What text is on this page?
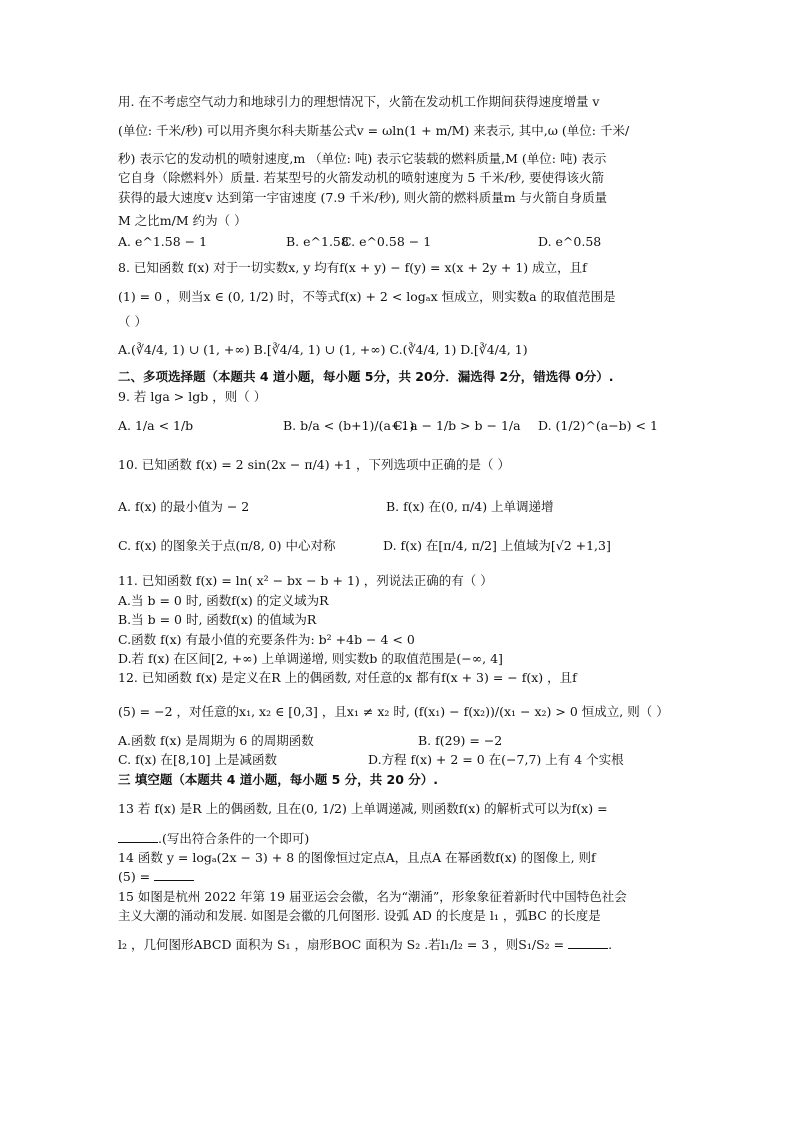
用. 在不考虑空气动力和地球引力的理想情况下，火箭在发动机工作期间获得速度增量 v
(单位: 千米/秒) 可以用齐奥尔科夫斯基公式v = ωln(1 + m/M) 来表示, 其中,ω (单位: 千米/
秒) 表示它的发动机的喷射速度,m （单位: 吨) 表示它装载的燃料质量,M (单位: 吨) 表示
它自身（除燃料外）质量. 若某型号的火箭发动机的喷射速度为 5 千米/秒, 要使得该火箭
获得的最大速度v 达到第一宇宙速度 (7.9 千米/秒), 则火箭的燃料质量m 与火箭自身质量
M 之比m/M 约为（ ）
A. e^1.58 − 1	B. e^1.58
C. e^0.58 − 1	D. e^0.58
8. 已知函数 f(x) 对于一切实数x, y 均有f(x + y) − f(y) = x(x + 2y + 1) 成立，且f
(1) = 0 ，则当x ∈ (0, 1/2) 时，不等式f(x) + 2 < logₐx 恒成立，则实数a 的取值范围是
（ ）
A.(∛4/4, 1) ∪ (1, +∞) B.[∛4/4, 1) ∪ (1, +∞) C.(∛4/4, 1) D.[∛4/4, 1)
二、多项选择题（本题共 4 道小题，每小题 5分，共 20分．漏选得 2分，错选得 0分）.
9. 若 lga > lgb ，则（ ）
A. 1/a < 1/b	B. b/a < (b+1)/(a+1)
C. a − 1/b > b − 1/a	D. (1/2)^(a−b) < 1
10. 已知函数 f(x) = 2 sin(2x − π/4) +1 ，下列选项中正确的是（ ）
A. f(x) 的最小值为 − 2	B. f(x) 在(0, π/4) 上单调递增
C. f(x) 的图象关于点(π/8, 0) 中心对称	D. f(x) 在[π/4, π/2] 上值域为[√2 +1,3]
11. 已知函数 f(x) = ln( x² − bx − b + 1) ，列说法正确的有（ ）
A.当 b = 0 时, 函数f(x) 的定义域为R
B.当 b = 0 时, 函数f(x) 的值域为R
C.函数 f(x) 有最小值的充要条件为: b² +4b − 4 < 0
D.若 f(x) 在区间[2, +∞) 上单调递增, 则实数b 的取值范围是(−∞, 4]
12. 已知函数 f(x) 是定义在R 上的偶函数, 对任意的x 都有f(x + 3) = − f(x) ，且f
(5) = −2 ，对任意的x₁, x₂ ∈ [0,3] ，且x₁ ≠ x₂ 时, (f(x₁) − f(x₂))/(x₁ − x₂) > 0 恒成立, 则（ ）
A.函数 f(x) 是周期为 6 的周期函数	B. f(29) = −2
C. f(x) 在[8,10] 上是减函数	D.方程 f(x) + 2 = 0 在(−7,7) 上有 4 个实根
三 填空题（本题共 4 道小题，每小题 5 分，共 20 分）.
13 若 f(x) 是R 上的偶函数, 且在(0, 1/2) 上单调递减, 则函数f(x) 的解析式可以为f(x) =
.(写出符合条件的一个即可)
14 函数 y = logₐ(2x − 3) + 8 的图像恒过定点A，且点A 在幂函数f(x) 的图像上, 则f
(5) =
15 如图是杭州 2022 年第 19 届亚运会会徽，名为“潮涌”，形象象征着新时代中国特色社会
主义大潮的涌动和发展. 如图是会徽的几何图形. 设弧 AD 的长度是 l₁ ，弧BC 的长度是
l₂ ，几何图形ABCD 面积为 S₁ ，扇形BOC 面积为 S₂ .若l₁/l₂ = 3 ，则S₁/S₂ =	.
